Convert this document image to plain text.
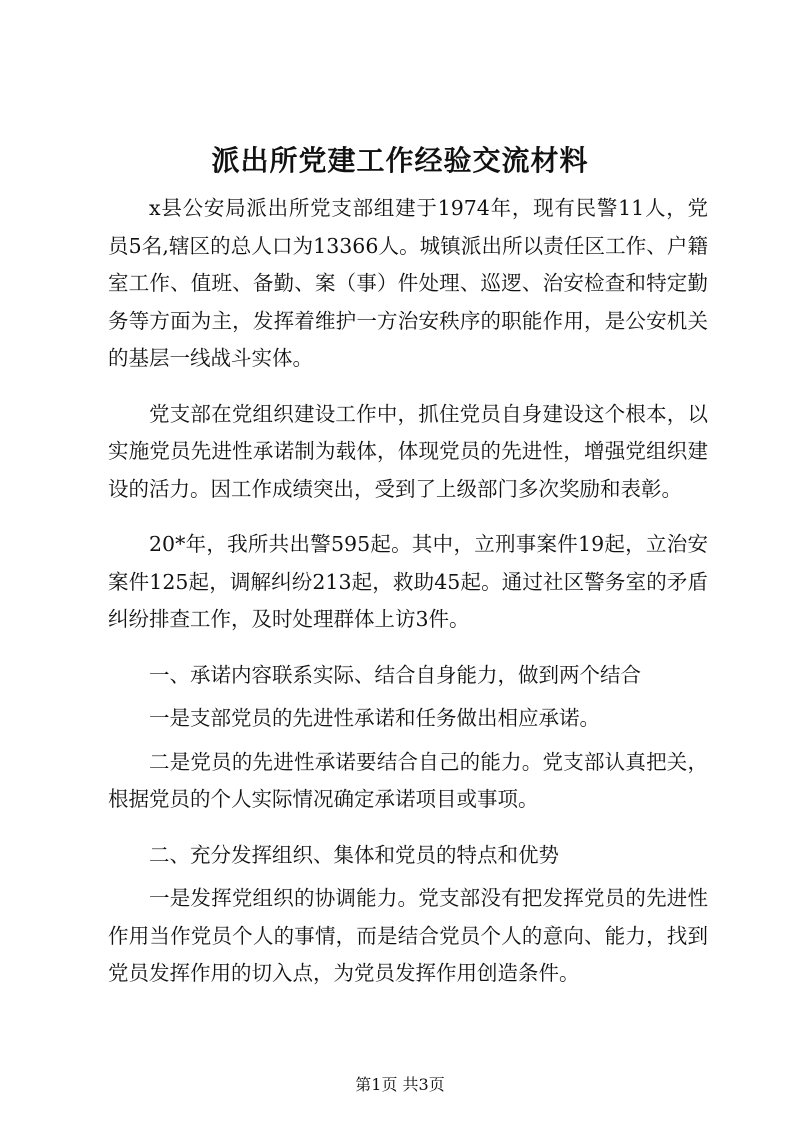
派出所党建工作经验交流材料

x县公安局派出所党支部组建于1974年，现有民警11人，党员5名,辖区的总人口为13366人。城镇派出所以责任区工作、户籍室工作、值班、备勤、案（事）件处理、巡逻、治安检查和特定勤务等方面为主，发挥着维护一方治安秩序的职能作用，是公安机关的基层一线战斗实体。

党支部在党组织建设工作中，抓住党员自身建设这个根本，以实施党员先进性承诺制为载体，体现党员的先进性，增强党组织建设的活力。因工作成绩突出，受到了上级部门多次奖励和表彰。

20*年，我所共出警595起。其中，立刑事案件19起，立治安案件125起，调解纠纷213起，救助45起。通过社区警务室的矛盾纠纷排查工作，及时处理群体上访3件。

一、承诺内容联系实际、结合自身能力，做到两个结合

一是支部党员的先进性承诺和任务做出相应承诺。

二是党员的先进性承诺要结合自己的能力。党支部认真把关，根据党员的个人实际情况确定承诺项目或事项。

二、充分发挥组织、集体和党员的特点和优势

一是发挥党组织的协调能力。党支部没有把发挥党员的先进性作用当作党员个人的事情，而是结合党员个人的意向、能力，找到党员发挥作用的切入点，为党员发挥作用创造条件。

第1页 共3页
